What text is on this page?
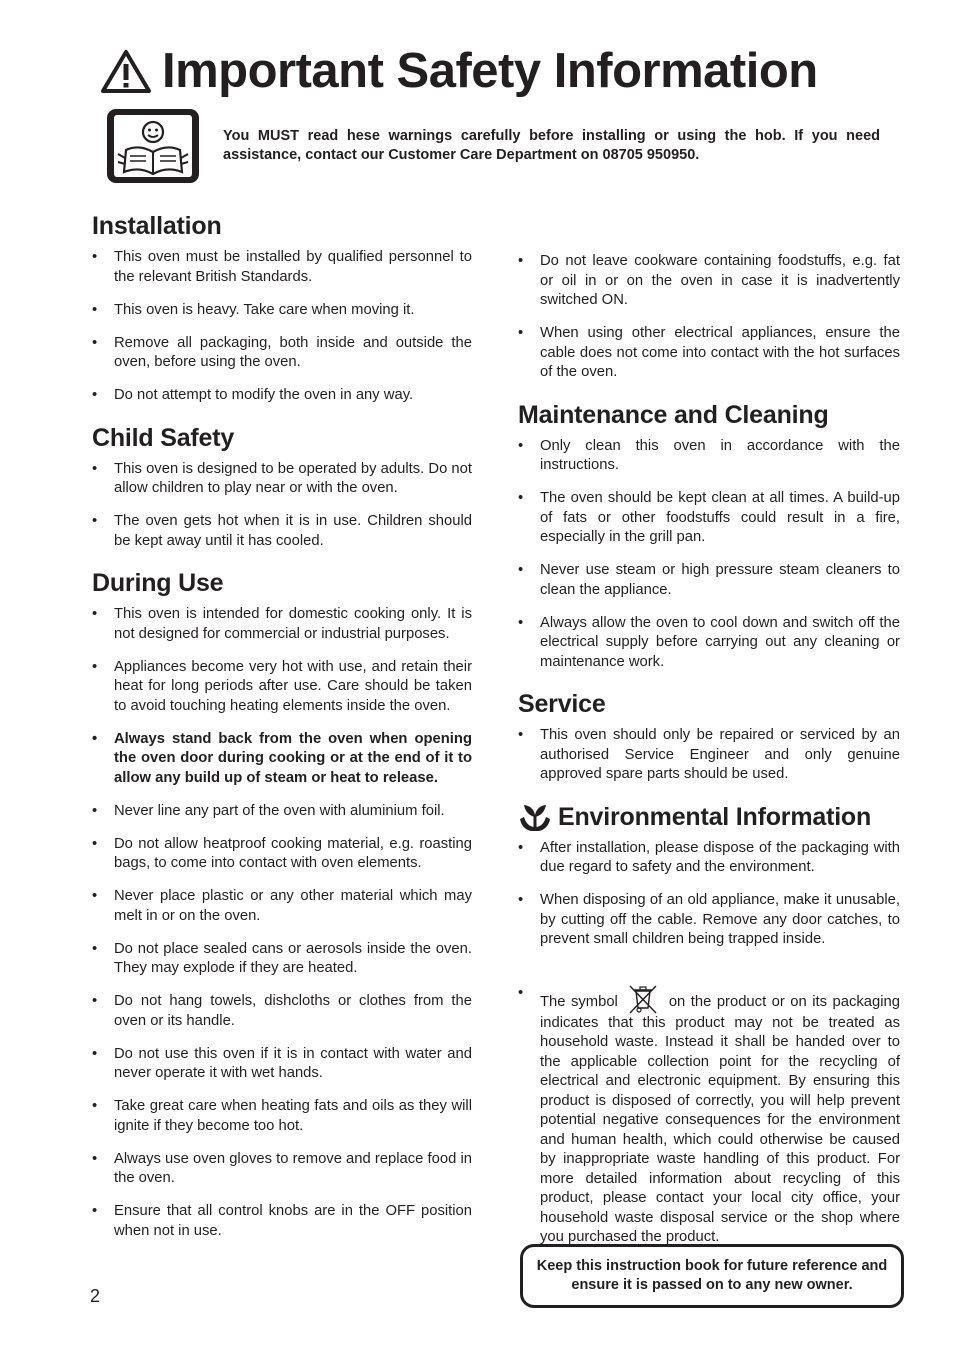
Important Safety Information
You MUST read hese warnings carefully before installing or using the hob. If you need assistance, contact our Customer Care Department on 08705 950950.
Installation
• This oven must be installed by qualified personnel to the relevant British Standards.
• This oven is heavy. Take care when moving it.
• Remove all packaging, both inside and outside the oven, before using the oven.
• Do not attempt to modify the oven in any way.
Child Safety
• This oven is designed to be operated by adults. Do not allow children to play near or with the oven.
• The oven gets hot when it is in use. Children should be kept away until it has cooled.
During Use
• This oven is intended for domestic cooking only. It is not designed for commercial or industrial purposes.
• Appliances become very hot with use, and retain their heat for long periods after use. Care should be taken to avoid touching heating elements inside the oven.
• Always stand back from the oven when opening the oven door during cooking or at the end of it to allow any build up of steam or heat to release.
• Never line any part of the oven with aluminium foil.
• Do not allow heatproof cooking material, e.g. roasting bags, to come into contact with oven elements.
• Never place plastic or any other material which may melt in or on the oven.
• Do not place sealed cans or aerosols inside the oven. They may explode if they are heated.
• Do not hang towels, dishcloths or clothes from the oven or its handle.
• Do not use this oven if it is in contact with water and never operate it with wet hands.
• Take great care when heating fats and oils as they will ignite if they become too hot.
• Always use oven gloves to remove and replace food in the oven.
• Ensure that all control knobs are in the OFF position when not in use.
• Do not leave cookware containing foodstuffs, e.g. fat or oil in or on the oven in case it is inadvertently switched ON.
• When using other electrical appliances, ensure the cable does not come into contact with the hot surfaces of the oven.
Maintenance and Cleaning
• Only clean this oven in accordance with the instructions.
• The oven should be kept clean at all times. A build-up of fats or other foodstuffs could result in a fire, especially in the grill pan.
• Never use steam or high pressure steam cleaners to clean the appliance.
• Always allow the oven to cool down and switch off the electrical supply before carrying out any cleaning or maintenance work.
Service
• This oven should only be repaired or serviced by an authorised Service Engineer and only genuine approved spare parts should be used.
Environmental Information
• After installation, please dispose of the packaging with due regard to safety and the environment.
• When disposing of an old appliance, make it unusable, by cutting off the cable. Remove any door catches, to prevent small children being trapped inside.
• The symbol	on the product or on its packaging indicates that this product may not be treated as household waste. Instead it shall be handed over to the applicable collection point for the recycling of electrical and electronic equipment. By ensuring this product is disposed of correctly, you will help prevent potential negative consequences for the environment and human health, which could otherwise be caused by inappropriate waste handling of this product. For more detailed information about recycling of this product, please contact your local city office, your household waste disposal service or the shop where you purchased the product.
Keep this instruction book for future reference and ensure it is passed on to any new owner.
2
